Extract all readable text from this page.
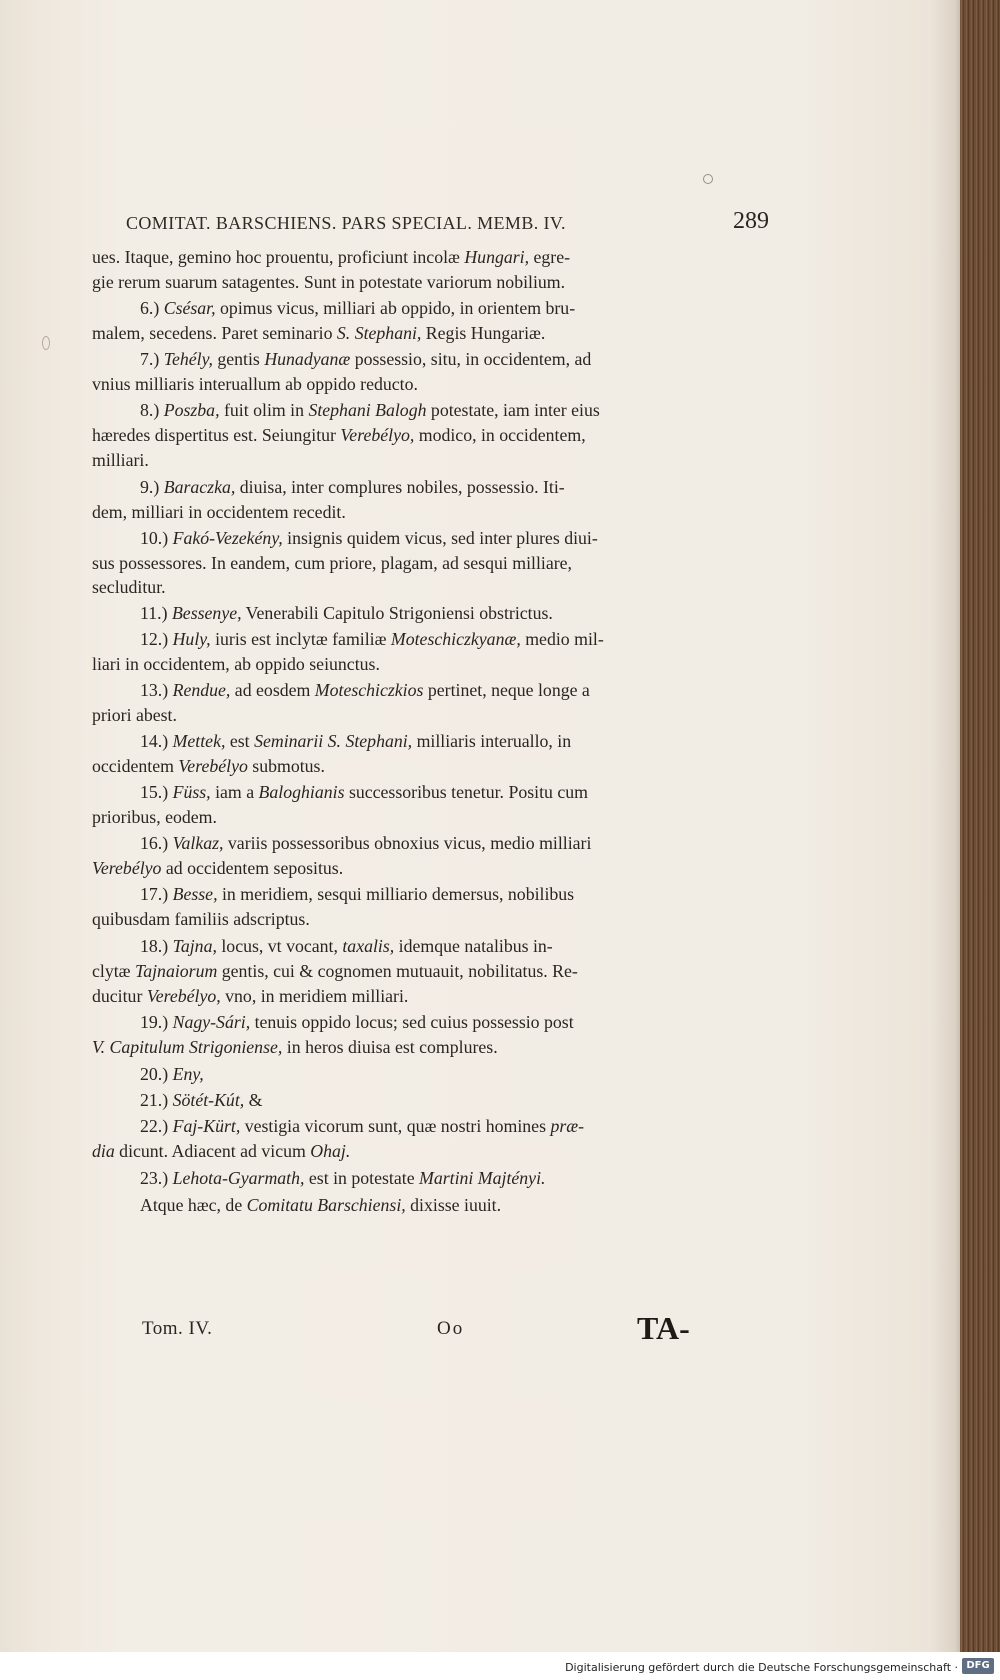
COMITAT. BARSCHIENS. PARS SPECIAL. MEMB. IV.	289
ues. Itaque, gemino hoc prouentu, proficiunt incolæ Hungari, egre-
gie rerum suarum satagentes. Sunt in potestate variorum nobilium.
6.) Csésar, opimus vicus, milliari ab oppido, in orientem bru-
malem, secedens. Paret seminario S. Stephani, Regis Hungariæ.
7.) Tehély, gentis Hunadyanæ possessio, situ, in occidentem, ad
vnius milliaris interuallum ab oppido reducto.
8.) Poszba, fuit olim in Stephani Balogh potestate, iam inter eius
hæredes dispertitus est. Seiungitur Verebélyo, modico, in occidentem,
milliari.
9.) Baraczka, diuisa, inter complures nobiles, possessio. Iti-
dem, milliari in occidentem recedit.
10.) Fakó-Vezekény, insignis quidem vicus, sed inter plures diui-
sus possessores. In eandem, cum priore, plagam, ad sesqui milliare,
secluditur.
11.) Bessenye, Venerabili Capitulo Strigoniensi obstrictus.
12.) Huly, iuris est inclytæ familiæ Moteschiczkyanæ, medio mil-
liari in occidentem, ab oppido seiunctus.
13.) Rendue, ad eosdem Moteschiczkios pertinet, neque longe a
priori abest.
14.) Mettek, est Seminarii S. Stephani, milliaris interuallo, in
occidentem Verebélyo submotus.
15.) Füss, iam a Baloghianis successoribus tenetur. Positu cum
prioribus, eodem.
16.) Valkaz, variis possessoribus obnoxius vicus, medio milliari
Verebélyo ad occidentem sepositus.
17.) Besse, in meridiem, sesqui milliario demersus, nobilibus
quibusdam familiis adscriptus.
18.) Tajna, locus, vt vocant, taxalis, idemque natalibus in-
clytæ Tajnaiorum gentis, cui & cognomen mutuauit, nobilitatus. Re-
ducitur Verebélyo, vno, in meridiem milliari.
19.) Nagy-Sári, tenuis oppido locus; sed cuius possessio post
V. Capitulum Strigoniense, in heros diuisa est complures.
20.) Eny,
21.) Sötét-Kút, &
22.) Faj-Kürt, vestigia vicorum sunt, quæ nostri homines præ-
dia dicunt. Adiacent ad vicum Ohaj.
23.) Lehota-Gyarmath, est in potestate Martini Majtényi.
Atque hæc, de Comitatu Barschiensi, dixisse iuuit.
Tom. IV.	Oo	TA-
Digitalisierung gefördert durch die Deutsche Forschungsgemeinschaft · DFG
